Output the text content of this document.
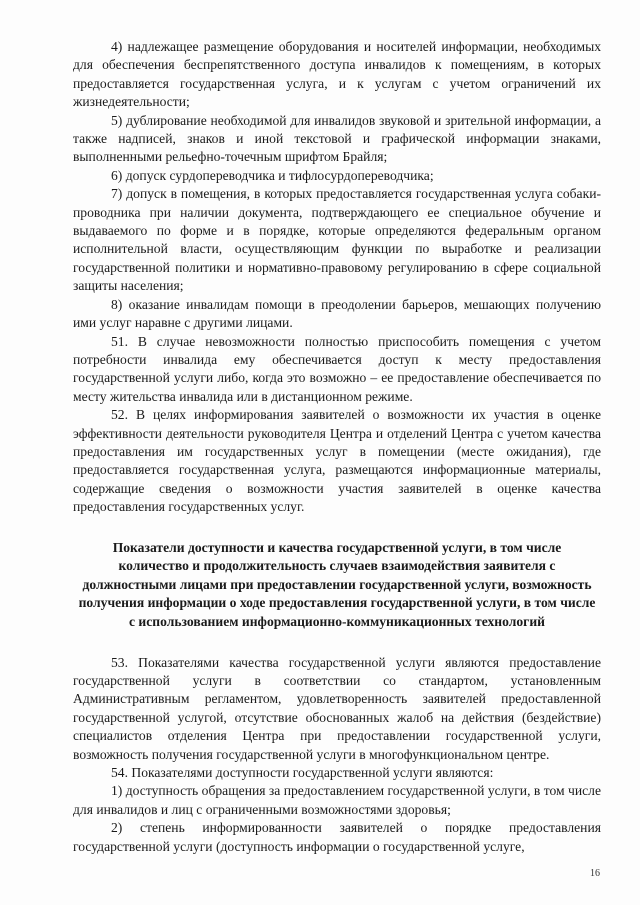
4) надлежащее размещение оборудования и носителей информации, необходимых для обеспечения беспрепятственного доступа инвалидов к помещениям, в которых предоставляется государственная услуга, и к услугам с учетом ограничений их жизнедеятельности;

5) дублирование необходимой для инвалидов звуковой и зрительной информации, а также надписей, знаков и иной текстовой и графической информации знаками, выполненными рельефно-точечным шрифтом Брайля;

6) допуск сурдопереводчика и тифлосурдопереводчика;

7) допуск в помещения, в которых предоставляется государственная услуга собаки-проводника при наличии документа, подтверждающего ее специальное обучение и выдаваемого по форме и в порядке, которые определяются федеральным органом исполнительной власти, осуществляющим функции по выработке и реализации государственной политики и нормативно-правовому регулированию в сфере социальной защиты населения;

8) оказание инвалидам помощи в преодолении барьеров, мешающих получению ими услуг наравне с другими лицами.

51. В случае невозможности полностью приспособить помещения с учетом потребности инвалида ему обеспечивается доступ к месту предоставления государственной услуги либо, когда это возможно – ее предоставление обеспечивается по месту жительства инвалида или в дистанционном режиме.

52. В целях информирования заявителей о возможности их участия в оценке эффективности деятельности руководителя Центра и отделений Центра с учетом качества предоставления им государственных услуг в помещении (месте ожидания), где предоставляется государственная услуга, размещаются информационные материалы, содержащие сведения о возможности участия заявителей в оценке качества предоставления государственных услуг.

Показатели доступности и качества государственной услуги, в том числе количество и продолжительность случаев взаимодействия заявителя с должностными лицами при предоставлении государственной услуги, возможность получения информации о ходе предоставления государственной услуги, в том числе с использованием информационно-коммуникационных технологий

53. Показателями качества государственной услуги являются предоставление государственной услуги в соответствии со стандартом, установленным Административным регламентом, удовлетворенность заявителей предоставленной государственной услугой, отсутствие обоснованных жалоб на действия (бездействие) специалистов отделения Центра при предоставлении государственной услуги, возможность получения государственной услуги в многофункциональном центре.

54. Показателями доступности государственной услуги являются:

1) доступность обращения за предоставлением государственной услуги, в том числе для инвалидов и лиц с ограниченными возможностями здоровья;

2) степень информированности заявителей о порядке предоставления государственной услуги (доступность информации о государственной услуге,

16
